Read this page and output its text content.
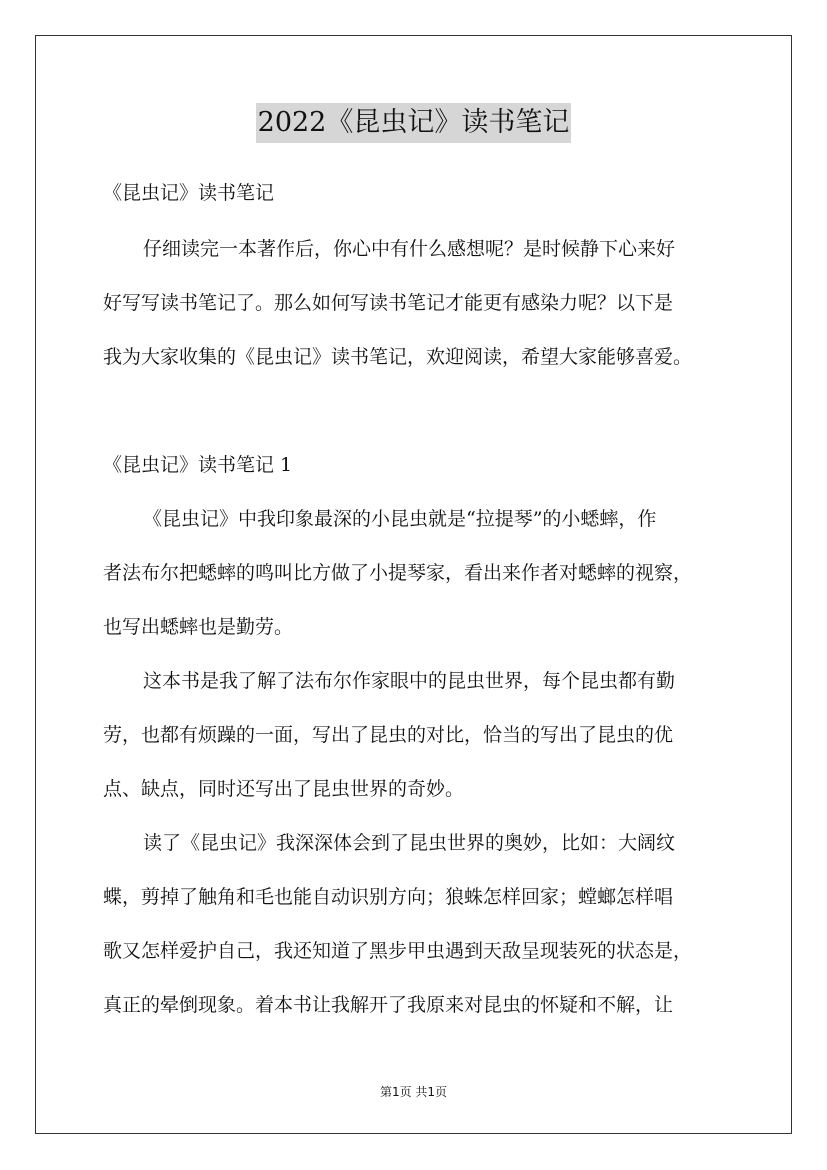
2022《昆虫记》读书笔记
《昆虫记》读书笔记
仔细读完一本著作后，你心中有什么感想呢？是时候静下心来好
好写写读书笔记了。那么如何写读书笔记才能更有感染力呢？以下是
我为大家收集的《昆虫记》读书笔记，欢迎阅读，希望大家能够喜爱。
《昆虫记》读书笔记 1
《昆虫记》中我印象最深的小昆虫就是“拉提琴”的小蟋蟀，作
者法布尔把蟋蟀的鸣叫比方做了小提琴家，看出来作者对蟋蟀的视察，
也写出蟋蟀也是勤劳。
这本书是我了解了法布尔作家眼中的昆虫世界，每个昆虫都有勤
劳，也都有烦躁的一面，写出了昆虫的对比，恰当的写出了昆虫的优
点、缺点，同时还写出了昆虫世界的奇妙。
读了《昆虫记》我深深体会到了昆虫世界的奥妙，比如：大阔纹
蝶，剪掉了触角和毛也能自动识别方向；狼蛛怎样回家；螳螂怎样唱
歌又怎样爱护自己，我还知道了黑步甲虫遇到天敌呈现装死的状态是，
真正的晕倒现象。着本书让我解开了我原来对昆虫的怀疑和不解，让
第1页 共1页
